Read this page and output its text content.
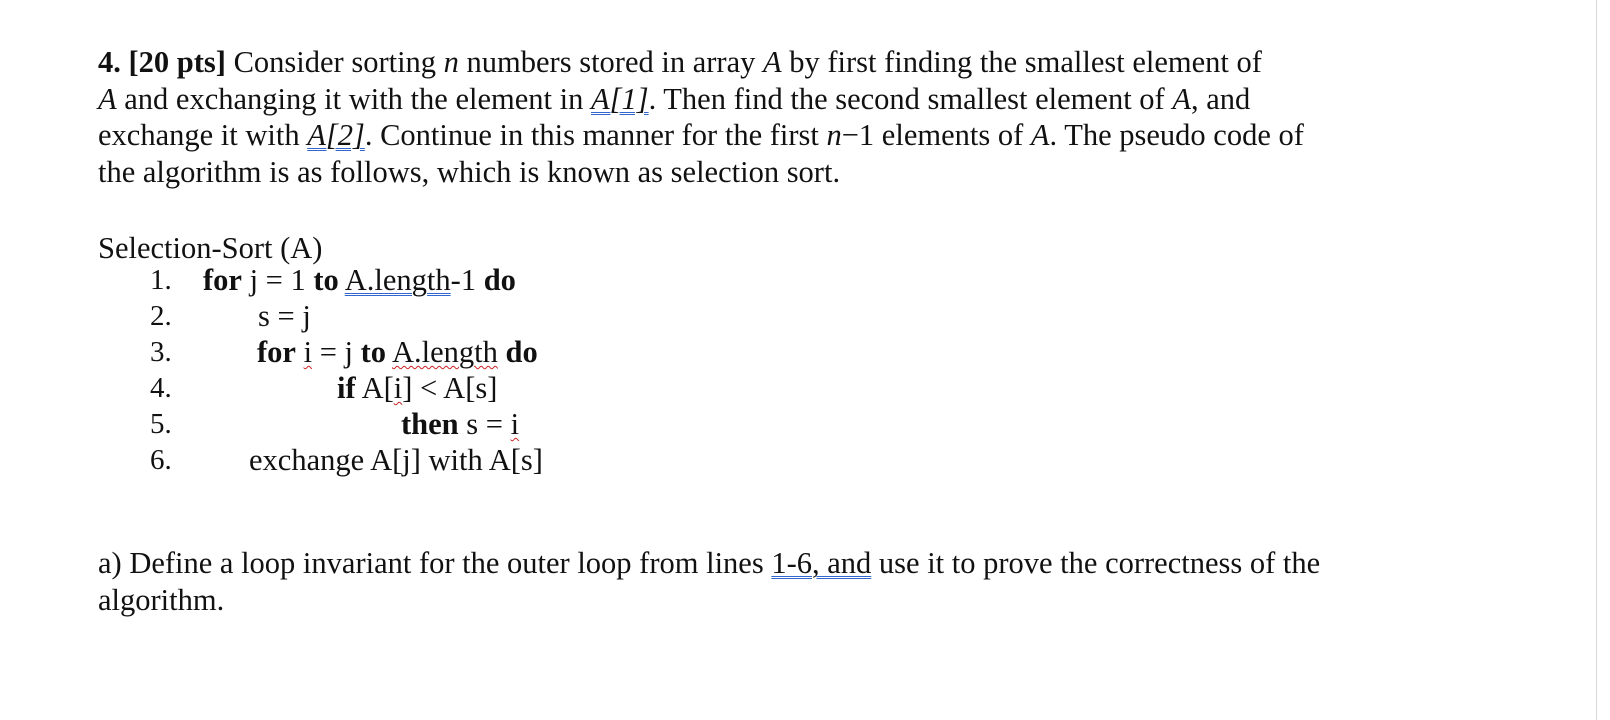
4. [20 pts] Consider sorting n numbers stored in array A by first finding the smallest element of
A and exchanging it with the element in A[1]. Then find the second smallest element of A, and exchange it with A[2]. Continue in this manner for the first n−1 elements of A. The pseudo code of the algorithm is as follows, which is known as selection sort.
Selection-Sort (A)
1.
2.
3.
4.
5.
6.
for j = 1 to A.length-1 do
s = j
for i = j to A.length do
if A[i] < A[s]
then s = i
exchange A[j] with A[s]
a) Define a loop invariant for the outer loop from lines 1-6, and use it to prove the correctness of the algorithm.
